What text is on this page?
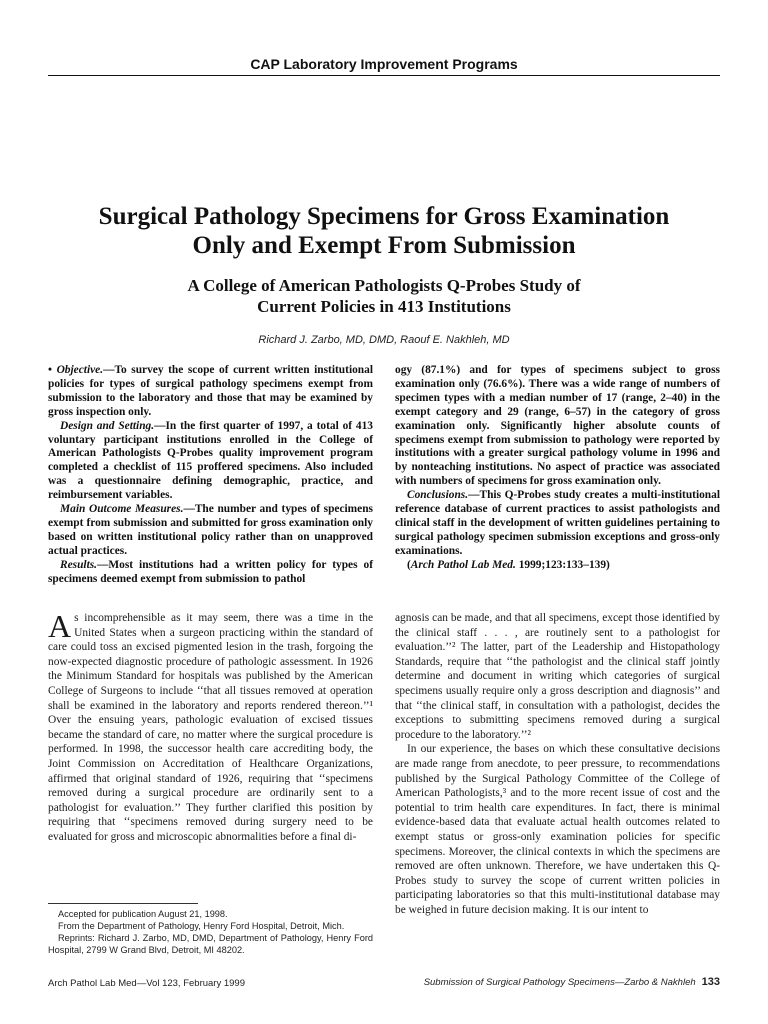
CAP Laboratory Improvement Programs
Surgical Pathology Specimens for Gross Examination
Only and Exempt From Submission
A College of American Pathologists Q-Probes Study of
Current Policies in 413 Institutions
Richard J. Zarbo, MD, DMD, Raouf E. Nakhleh, MD

• Objective.—To survey the scope of current written institutional policies for types of surgical pathology specimens exempt from submission to the laboratory and those that may be examined by gross inspection only.

Design and Setting.—In the first quarter of 1997, a total of 413 voluntary participant institutions enrolled in the College of American Pathologists Q-Probes quality improvement program completed a checklist of 115 proffered specimens. Also included was a questionnaire defining demographic, practice, and reimbursement variables.

Main Outcome Measures.—The number and types of specimens exempt from submission and submitted for gross examination only based on written institutional policy rather than on unapproved actual practices.

Results.—Most institutions had a written policy for types of specimens deemed exempt from submission to pathol

ogy (87.1%) and for types of specimens subject to gross examination only (76.6%). There was a wide range of numbers of specimen types with a median number of 17 (range, 2–40) in the exempt category and 29 (range, 6–57) in the category of gross examination only. Significantly higher absolute counts of specimens exempt from submission to pathology were reported by institutions with a greater surgical pathology volume in 1996 and by nonteaching institutions. No aspect of practice was associated with numbers of specimens for gross examination only.

Conclusions.—This Q-Probes study creates a multi-institutional reference database of current practices to assist pathologists and clinical staff in the development of written guidelines pertaining to surgical pathology specimen submission exceptions and gross-only examinations.

(Arch Pathol Lab Med. 1999;123:133–139)

As incomprehensible as it may seem, there was a time in the United States when a surgeon practicing within the standard of care could toss an excised pigmented lesion in the trash, forgoing the now-expected diagnostic procedure of pathologic assessment. In 1926 the Minimum Standard for hospitals was published by the American College of Surgeons to include ‘‘that all tissues removed at operation shall be examined in the laboratory and reports rendered thereon.’’¹ Over the ensuing years, pathologic evaluation of excised tissues became the standard of care, no matter where the surgical procedure is performed. In 1998, the successor health care accrediting body, the Joint Commission on Accreditation of Healthcare Organizations, affirmed that original standard of 1926, requiring that ‘‘specimens removed during a surgical procedure are ordinarily sent to a pathologist for evaluation.’’ They further clarified this position by requiring that ‘‘specimens removed during surgery need to be evaluated for gross and microscopic abnormalities before a final di-

agnosis can be made, and that all specimens, except those identified by the clinical staff . . . , are routinely sent to a pathologist for evaluation.’’² The latter, part of the Leadership and Histopathology Standards, require that ‘‘the pathologist and the clinical staff jointly determine and document in writing which categories of surgical specimens usually require only a gross description and diagnosis’’ and that ‘‘the clinical staff, in consultation with a pathologist, decides the exceptions to submitting specimens removed during a surgical procedure to the laboratory.’’²

In our experience, the bases on which these consultative decisions are made range from anecdote, to peer pressure, to recommendations published by the Surgical Pathology Committee of the College of American Pathologists,³ and to the more recent issue of cost and the potential to trim health care expenditures. In fact, there is minimal evidence-based data that evaluate actual health outcomes related to exempt status or gross-only examination policies for specific specimens. Moreover, the clinical contexts in which the specimens are removed are often unknown. Therefore, we have undertaken this Q-Probes study to survey the scope of current written policies in participating laboratories so that this multi-institutional database may be weighed in future decision making. It is our intent to

Accepted for publication August 21, 1998.

From the Department of Pathology, Henry Ford Hospital, Detroit, Mich.

Reprints: Richard J. Zarbo, MD, DMD, Department of Pathology, Henry Ford Hospital, 2799 W Grand Blvd, Detroit, MI 48202.

Arch Pathol Lab Med—Vol 123, February 1999	Submission of Surgical Pathology Specimens—Zarbo & Nakhleh 133
